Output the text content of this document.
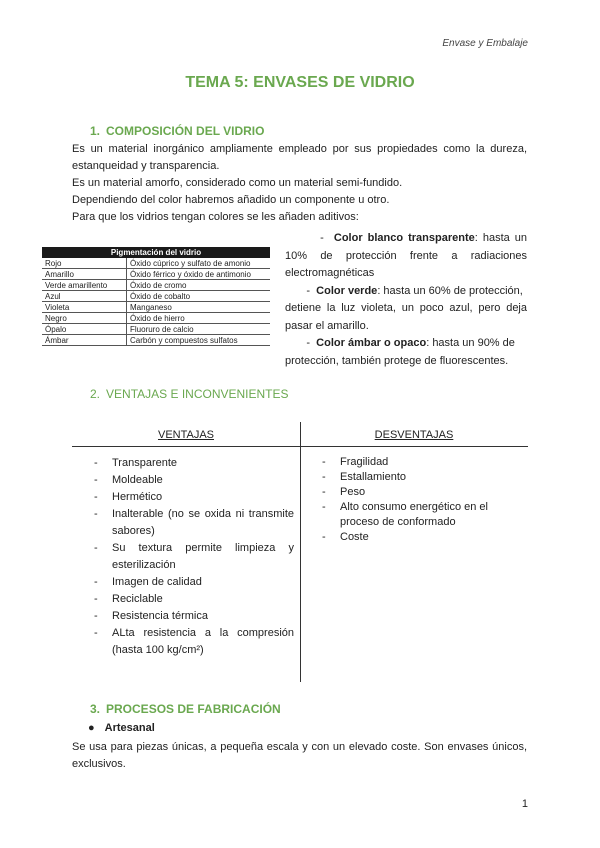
Envase y Embalaje
TEMA 5: ENVASES DE VIDRIO
1. COMPOSICIÓN DEL VIDRIO
Es un material inorgánico ampliamente empleado por sus propiedades como la dureza,
estanqueidad y transparencia.
Es un material amorfo, considerado como un material semi-fundido.
Dependiendo del color habremos añadido un componente u otro.
Para que los vidrios tengan colores se les añaden aditivos:
Pigmentación del vidrio	
Rojo	Óxido cúprico y sulfato de amonio
Amarillo	Óxido férrico y óxido de antimonio
Verde amarillento	Óxido de cromo
Azul	Óxido de cobalto
Violeta	Manganeso
Negro	Óxido de hierro
Ópalo	Fluoruro de calcio
Ámbar	Carbón y compuestos sulfatos
-  Color blanco transparente: hasta un
10% de protección frente a radiaciones
electromagnéticas
-  Color verde: hasta un 60% de protección,
detiene la luz violeta, un poco azul, pero deja
pasar el amarillo.
-  Color ámbar o opaco: hasta un 90% de
protección, también protege de fluorescentes.
2. VENTAJAS E INCONVENIENTES
VENTAJAS	DESVENTAJAS
- Transparente
- Moldeable
- Hermético
- Inalterable (no se oxida ni transmite sabores)
- Su textura permite limpieza y esterilización
- Imagen de calidad
- Reciclable
- Resistencia térmica
- ALta resistencia a la compresión (hasta 100 kg/cm²)
- Fragilidad
- Estallamiento
- Peso
- Alto consumo energético en el proceso de conformado
- Coste
3. PROCESOS DE FABRICACIÓN
● Artesanal
Se usa para piezas únicas, a pequeña escala y con un elevado coste. Son envases únicos,
exclusivos.
1
